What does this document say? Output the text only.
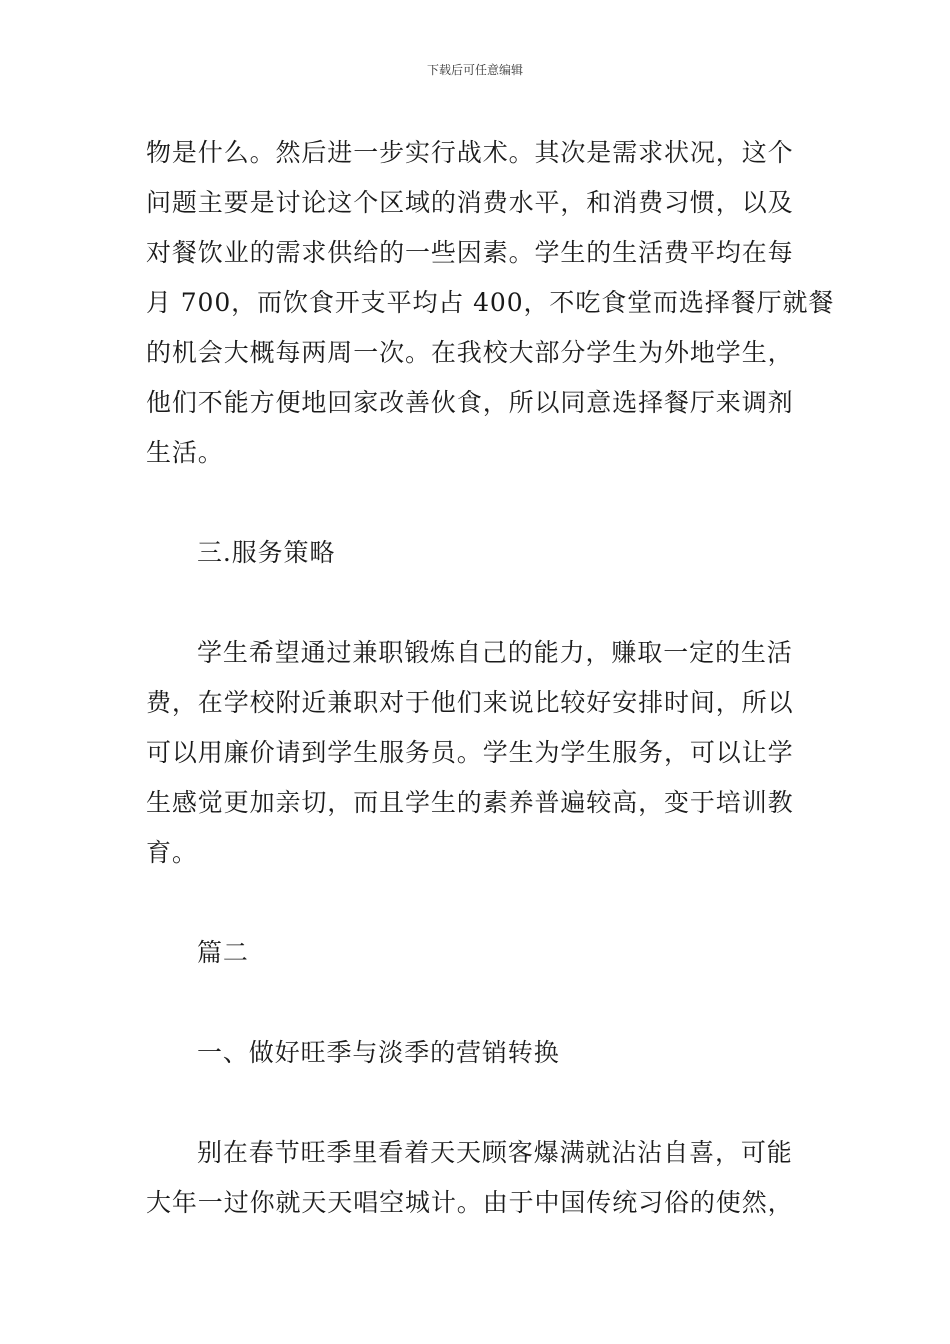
下载后可任意编辑
物是什么。然后进一步实行战术。其次是需求状况，这个
问题主要是讨论这个区域的消费水平，和消费习惯，以及
对餐饮业的需求供给的一些因素。学生的生活费平均在每
月 700，而饮食开支平均占 400，不吃食堂而选择餐厅就餐
的机会大概每两周一次。在我校大部分学生为外地学生，
他们不能方便地回家改善伙食，所以同意选择餐厅来调剂
生活。
三.服务策略
学生希望通过兼职锻炼自己的能力，赚取一定的生活
费，在学校附近兼职对于他们来说比较好安排时间，所以
可以用廉价请到学生服务员。学生为学生服务，可以让学
生感觉更加亲切，而且学生的素养普遍较高，变于培训教
育。
篇二
一、做好旺季与淡季的营销转换
别在春节旺季里看着天天顾客爆满就沾沾自喜，可能
大年一过你就天天唱空城计。由于中国传统习俗的使然，
